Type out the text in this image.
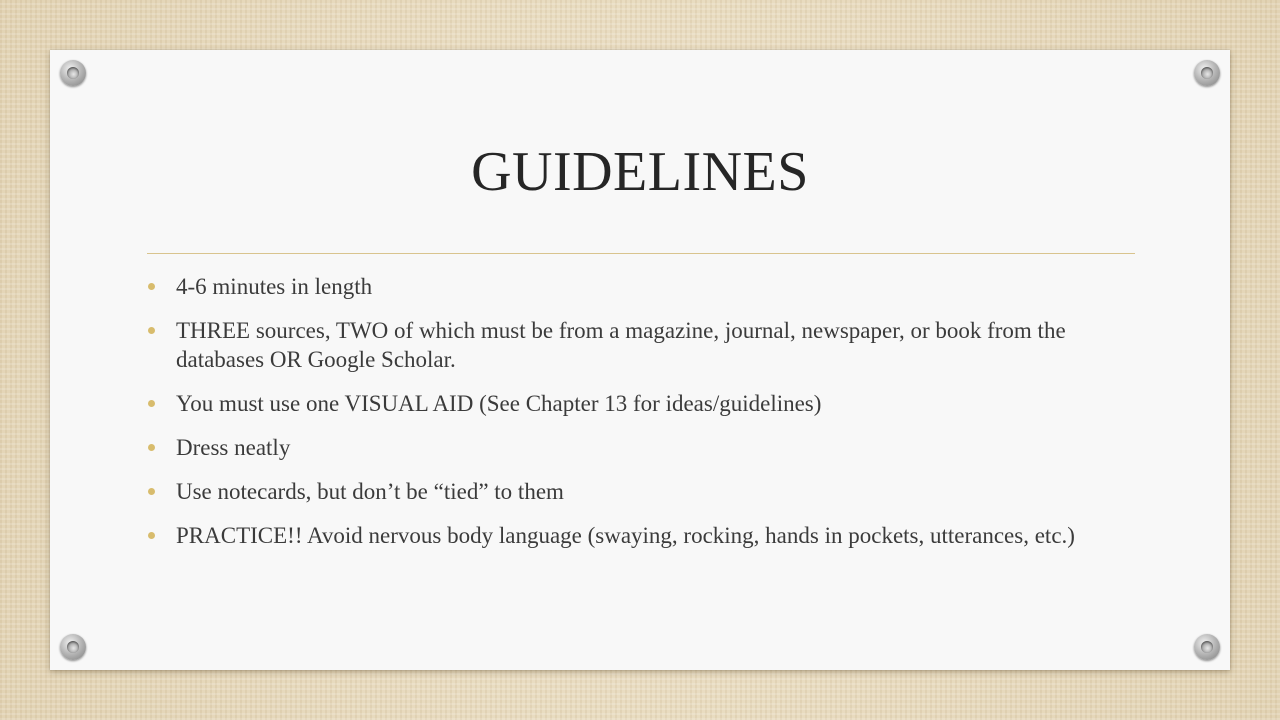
GUIDELINES
4-6 minutes in length
THREE sources, TWO of which must be from a magazine, journal, newspaper, or book from the databases OR Google Scholar.
You must use one VISUAL AID (See Chapter 13 for ideas/guidelines)
Dress neatly
Use notecards, but don’t be “tied” to them
PRACTICE!! Avoid nervous body language (swaying, rocking, hands in pockets, utterances, etc.)
